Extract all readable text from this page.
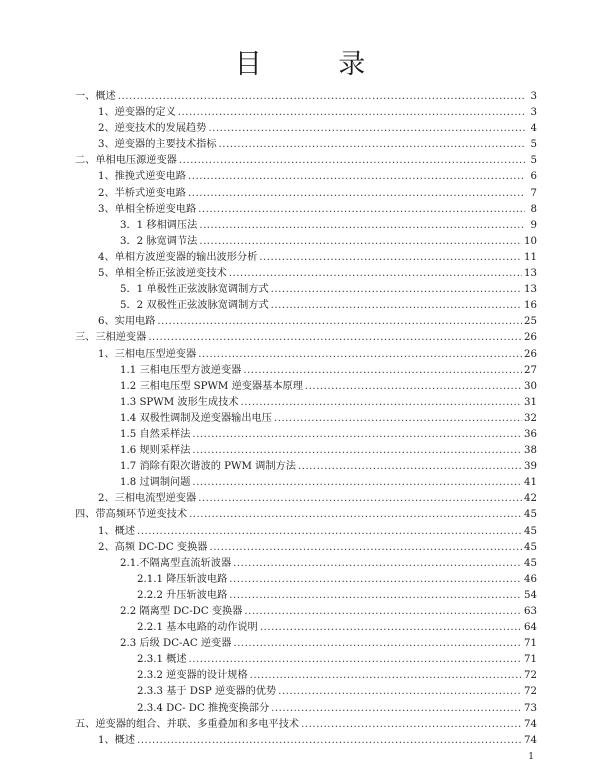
目 录
一、概述 .....	3
1、逆变器的定义 .....	3
2、逆变技术的发展趋势 .....	4
3、逆变器的主要技术指标 .....	5
二、单相电压源逆变器 .....	5
1、推挽式逆变电路 .....	6
2、半桥式逆变电路 .....	7
3、单相全桥逆变电路 .....	8
3．1 移相调压法 .....	9
3．2 脉宽调节法 .....	10
4、单相方波逆变器的输出波形分析 .....	11
5、单相全桥正弦波逆变技术 .....	13
5．1 单极性正弦波脉宽调制方式 .....	13
5．2 双极性正弦波脉宽调制方式 .....	16
6、实用电路 .....	25
三、三相逆变器 .....	26
1、三相电压型逆变器 .....	26
1.1 三相电压型方波逆变器 .....	27
1.2 三相电压型 SPWM 逆变器基本原理 .....	30
1.3 SPWM 波形生成技术 .....	31
1.4 双极性调制及逆变器输出电压 .....	32
1.5 自然采样法 .....	36
1.6 规则采样法 .....	38
1.7 消除有限次谐波的 PWM 调制方法 .....	39
1.8 过调制问题 .....	41
2、三相电流型逆变器 .....	42
四、带高频环节逆变技术 .....	45
1、概述 .....	45
2、高频 DC-DC 变换器 .....	45
2.1.不隔离型直流斩波器 .....	45
2.1.1 降压斩波电路 .....	46
2.2.2 升压斩波电路 .....	54
2.2 隔离型 DC-DC 变换器 .....	63
2.2.1 基本电路的动作说明 .....	64
2.3 后级 DC-AC 逆变器 .....	71
2.3.1 概述 .....	71
2.3.2 逆变器的设计规格 .....	72
2.3.3 基于 DSP 逆变器的优势 .....	72
2.3.4 DC- DC 推挽变换部分 .....	73
五、逆变器的组合、并联、多重叠加和多电平技术 .....	74
1、概述 .....	74
1
